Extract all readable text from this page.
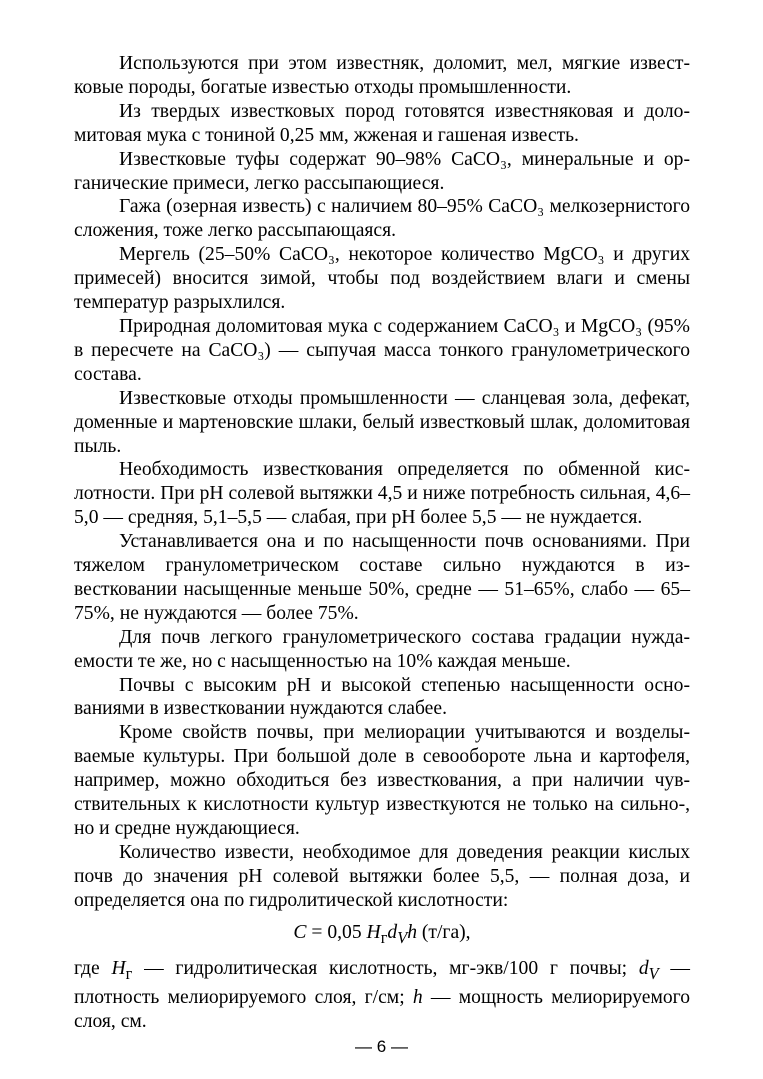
Используются при этом известняк, доломит, мел, мягкие известковые породы, богатые известью отходы промышленности.

Из твердых известковых пород готовятся известняковая и доломитовая мука с тониной 0,25 мм, жженая и гашеная известь.

Известковые туфы содержат 90–98% CaCO₃, минеральные и органические примеси, легко рассыпающиеся.

Гажа (озерная известь) с наличием 80–95% CaCO₃ мелкозернистого сложения, тоже легко рассыпающаяся.

Мергель (25–50% CaCO₃, некоторое количество MgCO₃ и других примесей) вносится зимой, чтобы под воздействием влаги и смены температур разрыхлился.

Природная доломитовая мука с содержанием CaCO₃ и MgCO₃ (95% в пересчете на CaCO₃) — сыпучая масса тонкого гранулометрического состава.

Известковые отходы промышленности — сланцевая зола, дефекат, доменные и мартеновские шлаки, белый известковый шлак, доломитовая пыль.

Необходимость известкования определяется по обменной кислотности. При pH солевой вытяжки 4,5 и ниже потребность сильная, 4,6–5,0 — средняя, 5,1–5,5 — слабая, при pH более 5,5 — не нуждается.

Устанавливается она и по насыщенности почв основаниями. При тяжелом гранулометрическом составе сильно нуждаются в известковании насыщенные меньше 50%, средне — 51–65%, слабо — 65–75%, не нуждаются — более 75%.

Для почв легкого гранулометрического состава градации нуждаемости те же, но с насыщенностью на 10% каждая меньше.

Почвы с высоким pH и высокой степенью насыщенности основаниями в известковании нуждаются слабее.

Кроме свойств почвы, при мелиорации учитываются и возделываемые культуры. При большой доле в севообороте льна и картофеля, например, можно обходиться без известкования, а при наличии чувствительных к кислотности культур известкуются не только на сильно-, но и средне нуждающиеся.

Количество извести, необходимое для доведения реакции кислых почв до значения pH солевой вытяжки более 5,5, — полная доза, и определяется она по гидролитической кислотности:

C = 0,05 $H_гd_Vh$ (т/га),

где $H_г$ — гидролитическая кислотность, мг-экв/100 г почвы; $d_V$ — плотность мелиорируемого слоя, г/см; h — мощность мелиорируемого слоя, см.

— 6 —
